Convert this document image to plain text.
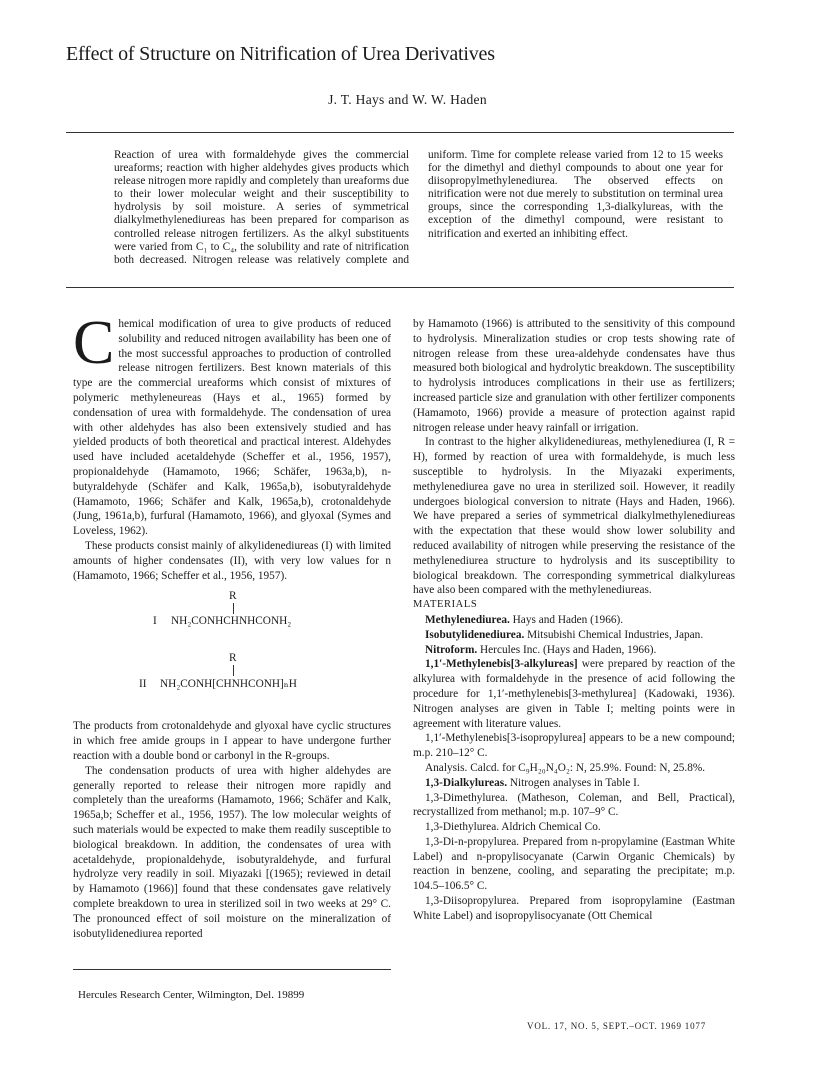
Effect of Structure on Nitrification of Urea Derivatives
J. T. Hays and W. W. Haden

Reaction of urea with formaldehyde gives the commercial ureaforms; reaction with higher aldehydes gives products which release nitrogen more rapidly and completely than ureaforms due to their lower molecular weight and their susceptibility to hydrolysis by soil moisture. A series of symmetrical dialkylmethylenediureas has been prepared for comparison as controlled release nitrogen fertilizers. As the alkyl substituents were varied from C₁ to C₄, the solubility and rate of nitrification both decreased. Nitrogen release was relatively complete and uniform. Time for complete release varied from 12 to 15 weeks for the dimethyl and diethyl compounds to about one year for diisopropylmethylenediurea. The observed effects on nitrification were not due merely to substitution on terminal urea groups, since the corresponding 1,3-dialkylureas, with the exception of the dimethyl compound, were resistant to nitrification and exerted an inhibiting effect.

Chemical modification of urea to give products of reduced solubility and reduced nitrogen availability has been one of the most successful approaches to production of controlled release nitrogen fertilizers. Best known materials of this type are the commercial ureaforms which consist of mixtures of polymeric methyleneureas (Hays et al., 1965) formed by condensation of urea with formaldehyde. The condensation of urea with other aldehydes has also been extensively studied and has yielded products of both theoretical and practical interest. Aldehydes used have included acetaldehyde (Scheffer et al., 1956, 1957), propionaldehyde (Hamamoto, 1966; Schäfer, 1963a,b), n-butyraldehyde (Schäfer and Kalk, 1965a,b), isobutyraldehyde (Hamamoto, 1966; Schäfer and Kalk, 1965a,b), crotonaldehyde (Jung, 1961a,b), furfural (Hamamoto, 1966), and glyoxal (Symes and Loveless, 1962).

These products consist mainly of alkylidenediureas (I) with limited amounts of higher condensates (II), with very low values for n (Hamamoto, 1966; Scheffer et al., 1956, 1957).

R
I NH₂CONHCHNHCONH₂
R
II NH₂CONH[CHNHCONH]ₙH

The products from crotonaldehyde and glyoxal have cyclic structures in which free amide groups in I appear to have undergone further reaction with a double bond or carbonyl in the R-groups.

The condensation products of urea with higher aldehydes are generally reported to release their nitrogen more rapidly and completely than the ureaforms (Hamamoto, 1966; Schäfer and Kalk, 1965a,b; Scheffer et al., 1956, 1957). The low molecular weights of such materials would be expected to make them readily susceptible to biological breakdown. In addition, the condensates of urea with acetaldehyde, propionaldehyde, isobutyraldehyde, and furfural hydrolyze very readily in soil. Miyazaki [(1965); reviewed in detail by Hamamoto (1966)] found that these condensates gave relatively complete breakdown to urea in sterilized soil in two weeks at 29° C. The pronounced effect of soil moisture on the mineralization of isobutylidenediurea reported

Hercules Research Center, Wilmington, Del. 19899

by Hamamoto (1966) is attributed to the sensitivity of this compound to hydrolysis. Mineralization studies or crop tests showing rate of nitrogen release from these urea-aldehyde condensates have thus measured both biological and hydrolytic breakdown. The susceptibility to hydrolysis introduces complications in their use as fertilizers; increased particle size and granulation with other fertilizer components (Hamamoto, 1966) provide a measure of protection against rapid nitrogen release under heavy rainfall or irrigation.

In contrast to the higher alkylidenediureas, methylenediurea (I, R = H), formed by reaction of urea with formaldehyde, is much less susceptible to hydrolysis. In the Miyazaki experiments, methylenediurea gave no urea in sterilized soil. However, it readily undergoes biological conversion to nitrate (Hays and Haden, 1966). We have prepared a series of symmetrical dialkylmethylenediureas with the expectation that these would show lower solubility and reduced availability of nitrogen while preserving the resistance of the methylenediurea structure to hydrolysis and its susceptibility to biological breakdown. The corresponding symmetrical dialkylureas have also been compared with the methylenediureas.

MATERIALS

Methylenediurea. Hays and Haden (1966).

Isobutylidenediurea. Mitsubishi Chemical Industries, Japan.

Nitroform. Hercules Inc. (Hays and Haden, 1966).

1,1′-Methylenebis[3-alkylureas] were prepared by reaction of the alkylurea with formaldehyde in the presence of acid following the procedure for 1,1′-methylenebis[3-methylurea] (Kadowaki, 1936). Nitrogen analyses are given in Table I; melting points were in agreement with literature values.

1,1′-Methylenebis[3-isopropylurea] appears to be a new compound; m.p. 210–12° C.

Analysis. Calcd. for C₉H₂₀N₄O₂: N, 25.9%. Found: N, 25.8%.

1,3-Dialkylureas. Nitrogen analyses in Table I.

1,3-Dimethylurea. (Matheson, Coleman, and Bell, Practical), recrystallized from methanol; m.p. 107–9° C.

1,3-Diethylurea. Aldrich Chemical Co.

1,3-Di-n-propylurea. Prepared from n-propylamine (Eastman White Label) and n-propylisocyanate (Carwin Organic Chemicals) by reaction in benzene, cooling, and separating the precipitate; m.p. 104.5–106.5° C.

1,3-Diisopropylurea. Prepared from isopropylamine (Eastman White Label) and isopropylisocyanate (Ott Chemical

VOL. 17, NO. 5, SEPT.–OCT. 1969 1077
